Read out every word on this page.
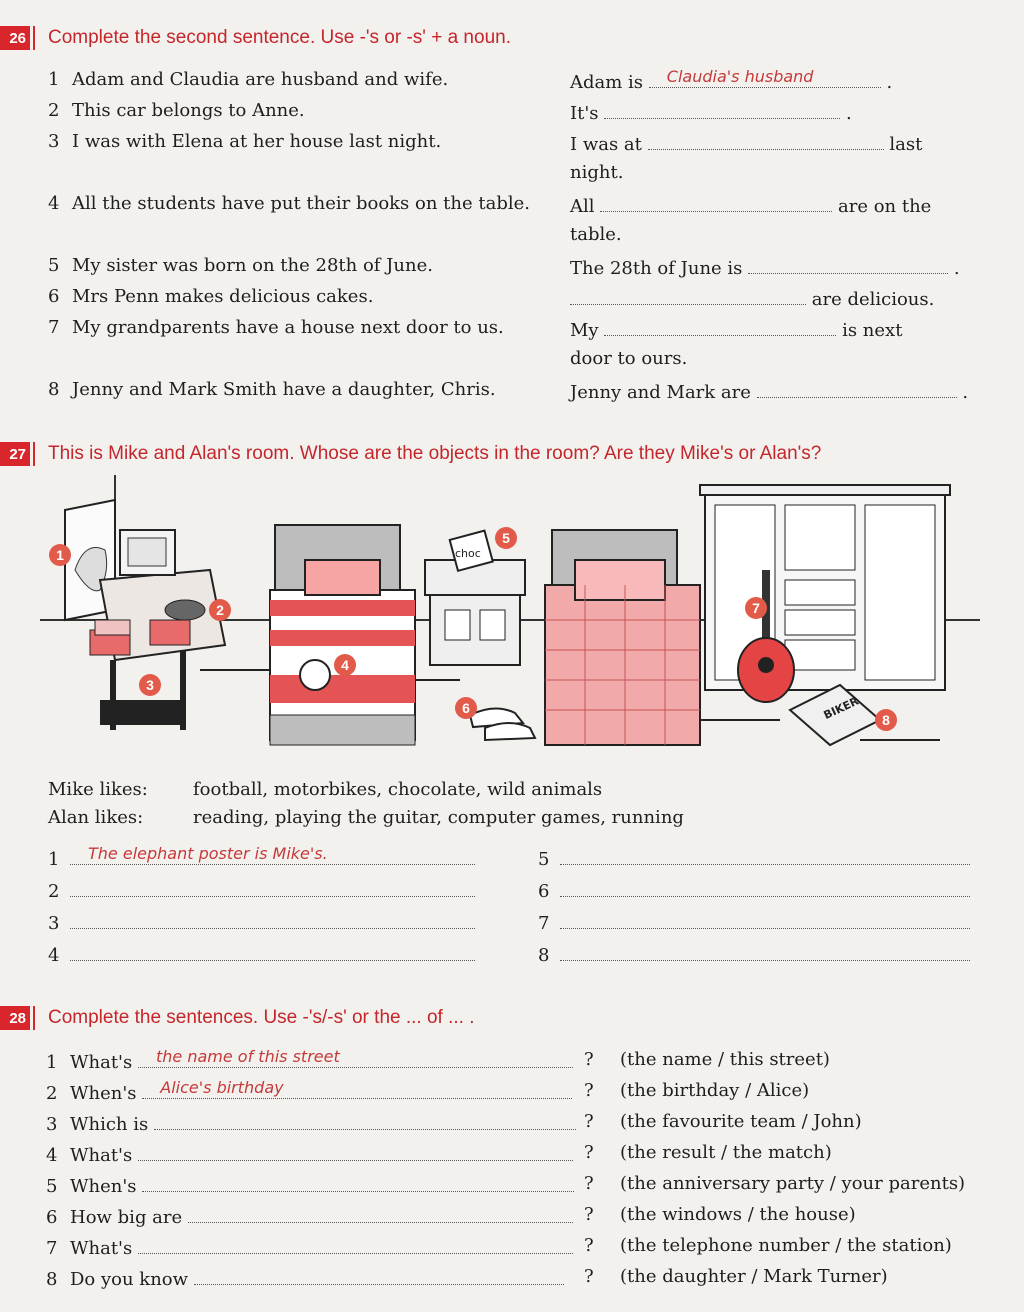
26 Complete the second sentence. Use -'s or -s' + a noun.
1 Adam and Claudia are husband and wife.	Adam is Claudia's husband	.
2 This car belongs to Anne.	It's	.
3 I was with Elena at her house last night.	I was at	last
night.
4 All the students have put their books on the table. All	are on the
table.
5 My sister was born on the 28th of June.	The 28th of June is	.
6 Mrs Penn makes delicious cakes.	are delicious.
7 My grandparents have a house next door to us.	My	is next
door to ours.
8 Jenny and Mark Smith have a daughter, Chris.	Jenny and Mark are	.
27 This is Mike and Alan's room. Whose are the objects in the room? Are they Mike's or Alan's?
choc
BIKER
1
2
3
4
5
6
7
8
Mike likes:	football, motorbikes, chocolate, wild animals
Alan likes:	reading, playing the guitar, computer games, running
1 The elephant poster is Mike's.
2
3
4
5
6
7
8
28 Complete the sentences. Use -'s/-s' or the ... of ... .
1 What's the name of this street	? (the name / this street)
2 When's Alice's birthday	? (the birthday / Alice)
3 Which is	? (the favourite team / John)
4 What's	? (the result / the match)
5 When's	? (the anniversary party / your parents)
6 How big are	? (the windows / the house)
7 What's	? (the telephone number / the station)
8 Do you know	? (the daughter / Mark Turner)
